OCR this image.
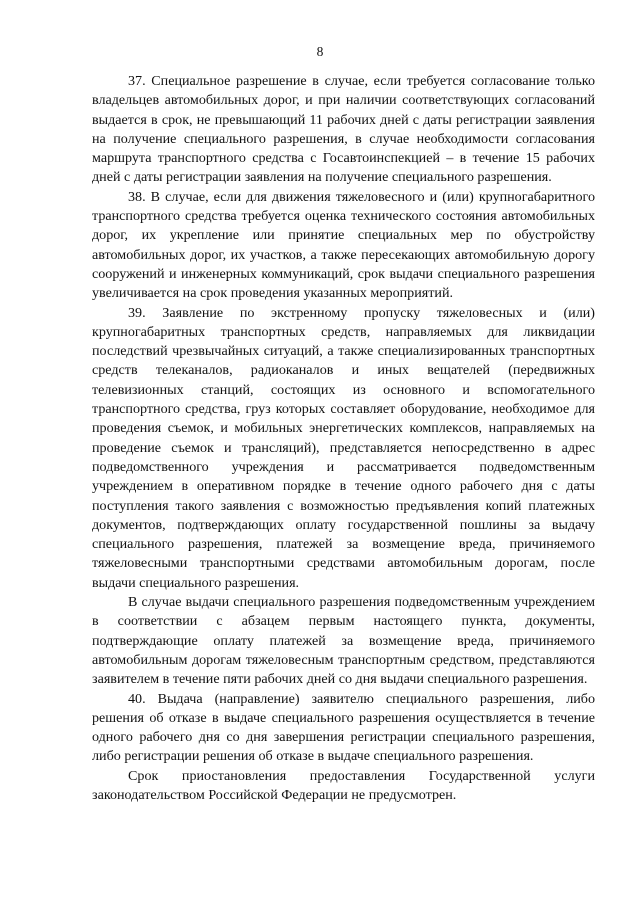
8

37. Специальное разрешение в случае, если требуется согласование только владельцев автомобильных дорог, и при наличии соответствующих согласований выдается в срок, не превышающий 11 рабочих дней с даты регистрации заявления на получение специального разрешения, в случае необходимости согласования маршрута транспортного средства с Госавтоинспекцией – в течение 15 рабочих дней с даты регистрации заявления на получение специального разрешения.

38. В случае, если для движения тяжеловесного и (или) крупногабаритного транспортного средства требуется оценка технического состояния автомобильных дорог, их укрепление или принятие специальных мер по обустройству автомобильных дорог, их участков, а также пересекающих автомобильную дорогу сооружений и инженерных коммуникаций, срок выдачи специального разрешения увеличивается на срок проведения указанных мероприятий.

39. Заявление по экстренному пропуску тяжеловесных и (или) крупногабаритных транспортных средств, направляемых для ликвидации последствий чрезвычайных ситуаций, а также специализированных транспортных средств телеканалов, радиоканалов и иных вещателей (передвижных телевизионных станций, состоящих из основного и вспомогательного транспортного средства, груз которых составляет оборудование, необходимое для проведения съемок, и мобильных энергетических комплексов, направляемых на проведение съемок и трансляций), представляется непосредственно в адрес подведомственного учреждения и рассматривается подведомственным учреждением в оперативном порядке в течение одного рабочего дня с даты поступления такого заявления с возможностью предъявления копий платежных документов, подтверждающих оплату государственной пошлины за выдачу специального разрешения, платежей за возмещение вреда, причиняемого тяжеловесными транспортными средствами автомобильным дорогам, после выдачи специального разрешения.

В случае выдачи специального разрешения подведомственным учреждением в соответствии с абзацем первым настоящего пункта, документы, подтверждающие оплату платежей за возмещение вреда, причиняемого автомобильным дорогам тяжеловесным транспортным средством, представляются заявителем в течение пяти рабочих дней со дня выдачи специального разрешения.

40. Выдача (направление) заявителю специального разрешения, либо решения об отказе в выдаче специального разрешения осуществляется в течение одного рабочего дня со дня завершения регистрации специального разрешения, либо регистрации решения об отказе в выдаче специального разрешения.

Срок приостановления предоставления Государственной услуги законодательством Российской Федерации не предусмотрен.
